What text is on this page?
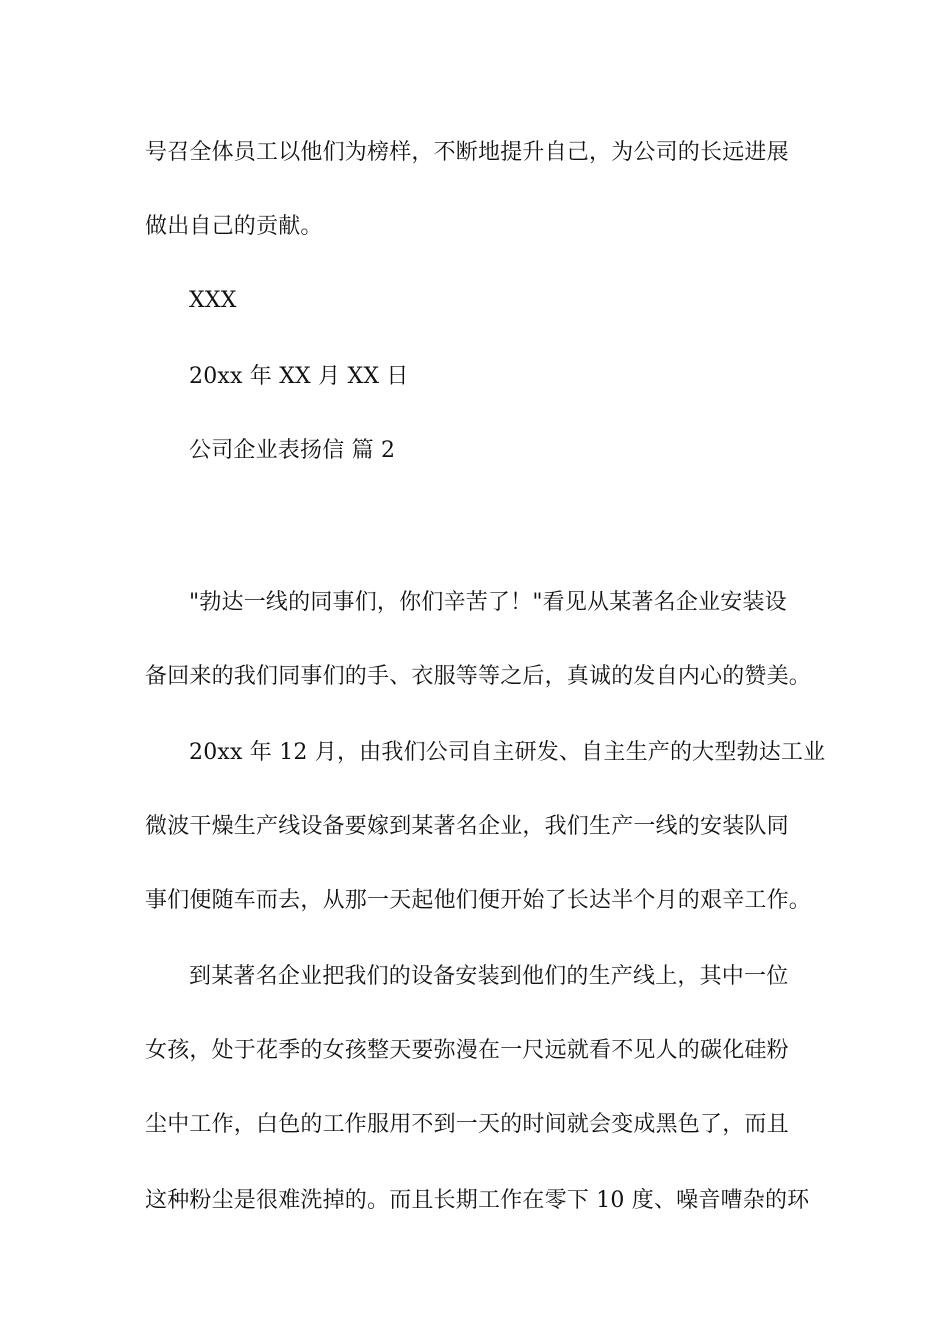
号召全体员工以他们为榜样，不断地提升自己，为公司的长远进展
做出自己的贡献。
XXX
20xx 年 XX 月 XX 日
公司企业表扬信 篇 2
"勃达一线的同事们，你们辛苦了！"看见从某著名企业安装设
备回来的我们同事们的手、衣服等等之后，真诚的发自内心的赞美。
20xx 年 12 月，由我们公司自主研发、自主生产的大型勃达工业
微波干燥生产线设备要嫁到某著名企业，我们生产一线的安装队同
事们便随车而去，从那一天起他们便开始了长达半个月的艰辛工作。
到某著名企业把我们的设备安装到他们的生产线上，其中一位
女孩，处于花季的女孩整天要弥漫在一尺远就看不见人的碳化硅粉
尘中工作，白色的工作服用不到一天的时间就会变成黑色了，而且
这种粉尘是很难洗掉的。而且长期工作在零下 10 度、噪音嘈杂的环
